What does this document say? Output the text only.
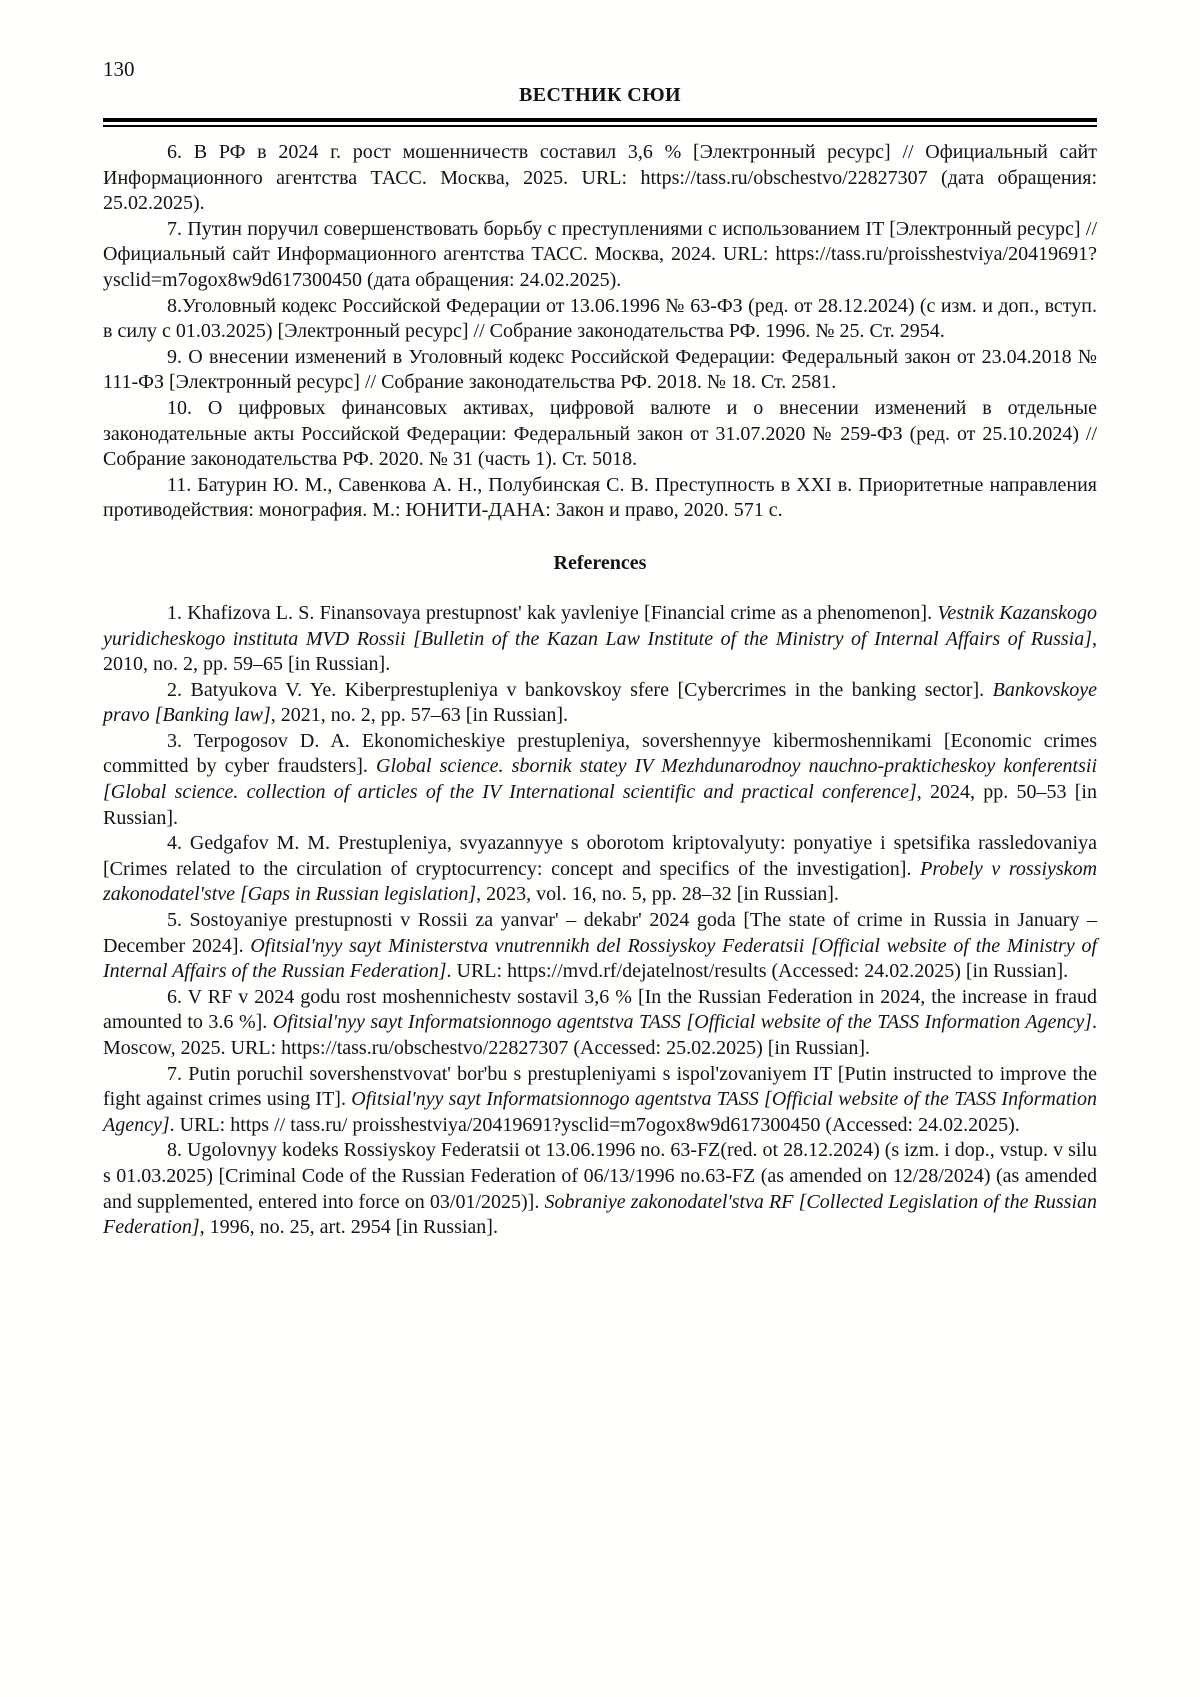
130
ВЕСТНИК СЮИ

6. В РФ в 2024 г. рост мошенничеств составил 3,6 % [Электронный ресурс] // Официальный сайт Информационного агентства ТАСС. Москва, 2025. URL: https://tass.ru/obschestvo/22827307 (дата обращения: 25.02.2025).

7. Путин поручил совершенствовать борьбу с преступлениями с использованием IT [Электронный ресурс] // Официальный сайт Информационного агентства ТАСС. Москва, 2024. URL: https://tass.ru/proisshestviya/20419691?ysclid=m7ogox8w9d617300450 (дата обращения: 24.02.2025).

8.Уголовный кодекс Российской Федерации от 13.06.1996 № 63-ФЗ (ред. от 28.12.2024) (с изм. и доп., вступ. в силу с 01.03.2025) [Электронный ресурс] // Собрание законодательства РФ. 1996. № 25. Ст. 2954.

9. О внесении изменений в Уголовный кодекс Российской Федерации: Федеральный закон от 23.04.2018 № 111-ФЗ [Электронный ресурс] // Собрание законодательства РФ. 2018. № 18. Ст. 2581.

10. О цифровых финансовых активах, цифровой валюте и о внесении изменений в отдельные законодательные акты Российской Федерации: Федеральный закон от 31.07.2020 № 259-ФЗ (ред. от 25.10.2024) // Собрание законодательства РФ. 2020. № 31 (часть 1). Ст. 5018.

11. Батурин Ю. М., Савенкова А. Н., Полубинская С. В. Преступность в XXI в. Приоритетные направления противодействия: монография. М.: ЮНИТИ-ДАНА: Закон и право, 2020. 571 с.

References

1. Khafizova L. S. Finansovaya prestupnost' kak yavleniye [Financial crime as a phenomenon]. Vestnik Kazanskogo yuridicheskogo instituta MVD Rossii [Bulletin of the Kazan Law Institute of the Ministry of Internal Affairs of Russia], 2010, no. 2, pp. 59–65 [in Russian].

2. Batyukova V. Ye. Kiberprestupleniya v bankovskoy sfere [Cybercrimes in the banking sector]. Bankovskoye pravo [Banking law], 2021, no. 2, pp. 57–63 [in Russian].

3. Terpogosov D. A. Ekonomicheskiye prestupleniya, sovershennyye kibermoshennikami [Economic crimes committed by cyber fraudsters]. Global science. sbornik statey IV Mezhdunarodnoy nauchno-prakticheskoy konferentsii [Global science. collection of articles of the IV International scientific and practical conference], 2024, pp. 50–53 [in Russian].

4. Gedgafov M. M. Prestupleniya, svyazannyye s oborotom kriptovalyuty: ponyatiye i spetsifika rassledovaniya [Crimes related to the circulation of cryptocurrency: concept and specifics of the investigation]. Probely v rossiyskom zakonodatel'stve [Gaps in Russian legislation], 2023, vol. 16, no. 5, pp. 28–32 [in Russian].

5. Sostoyaniye prestupnosti v Rossii za yanvar' – dekabr' 2024 goda [The state of crime in Russia in January – December 2024]. Ofitsial'nyy sayt Ministerstva vnutrennikh del Rossiyskoy Federatsii [Official website of the Ministry of Internal Affairs of the Russian Federation]. URL: https://mvd.rf/dejatelnost/results (Accessed: 24.02.2025) [in Russian].

6. V RF v 2024 godu rost moshennichestv sostavil 3,6 % [In the Russian Federation in 2024, the increase in fraud amounted to 3.6 %]. Ofitsial'nyy sayt Informatsionnogo agentstva TASS [Official website of the TASS Information Agency]. Moscow, 2025. URL: https://tass.ru/obschestvo/22827307 (Accessed: 25.02.2025) [in Russian].

7. Putin poruchil sovershenstvovat' bor'bu s prestupleniyami s ispol'zovaniyem IT [Putin instructed to improve the fight against crimes using IT]. Ofitsial'nyy sayt Informatsionnogo agentstva TASS [Official website of the TASS Information Agency]. URL: https // tass.ru/ proisshestviya/20419691?ysclid=m7ogox8w9d617300450 (Accessed: 24.02.2025).

8. Ugolovnyy kodeks Rossiyskoy Federatsii ot 13.06.1996 no. 63-FZ(red. ot 28.12.2024) (s izm. i dop., vstup. v silu s 01.03.2025) [Criminal Code of the Russian Federation of 06/13/1996 no.63-FZ (as amended on 12/28/2024) (as amended and supplemented, entered into force on 03/01/2025)]. Sobraniye zakonodatel'stva RF [Collected Legislation of the Russian Federation], 1996, no. 25, art. 2954 [in Russian].
